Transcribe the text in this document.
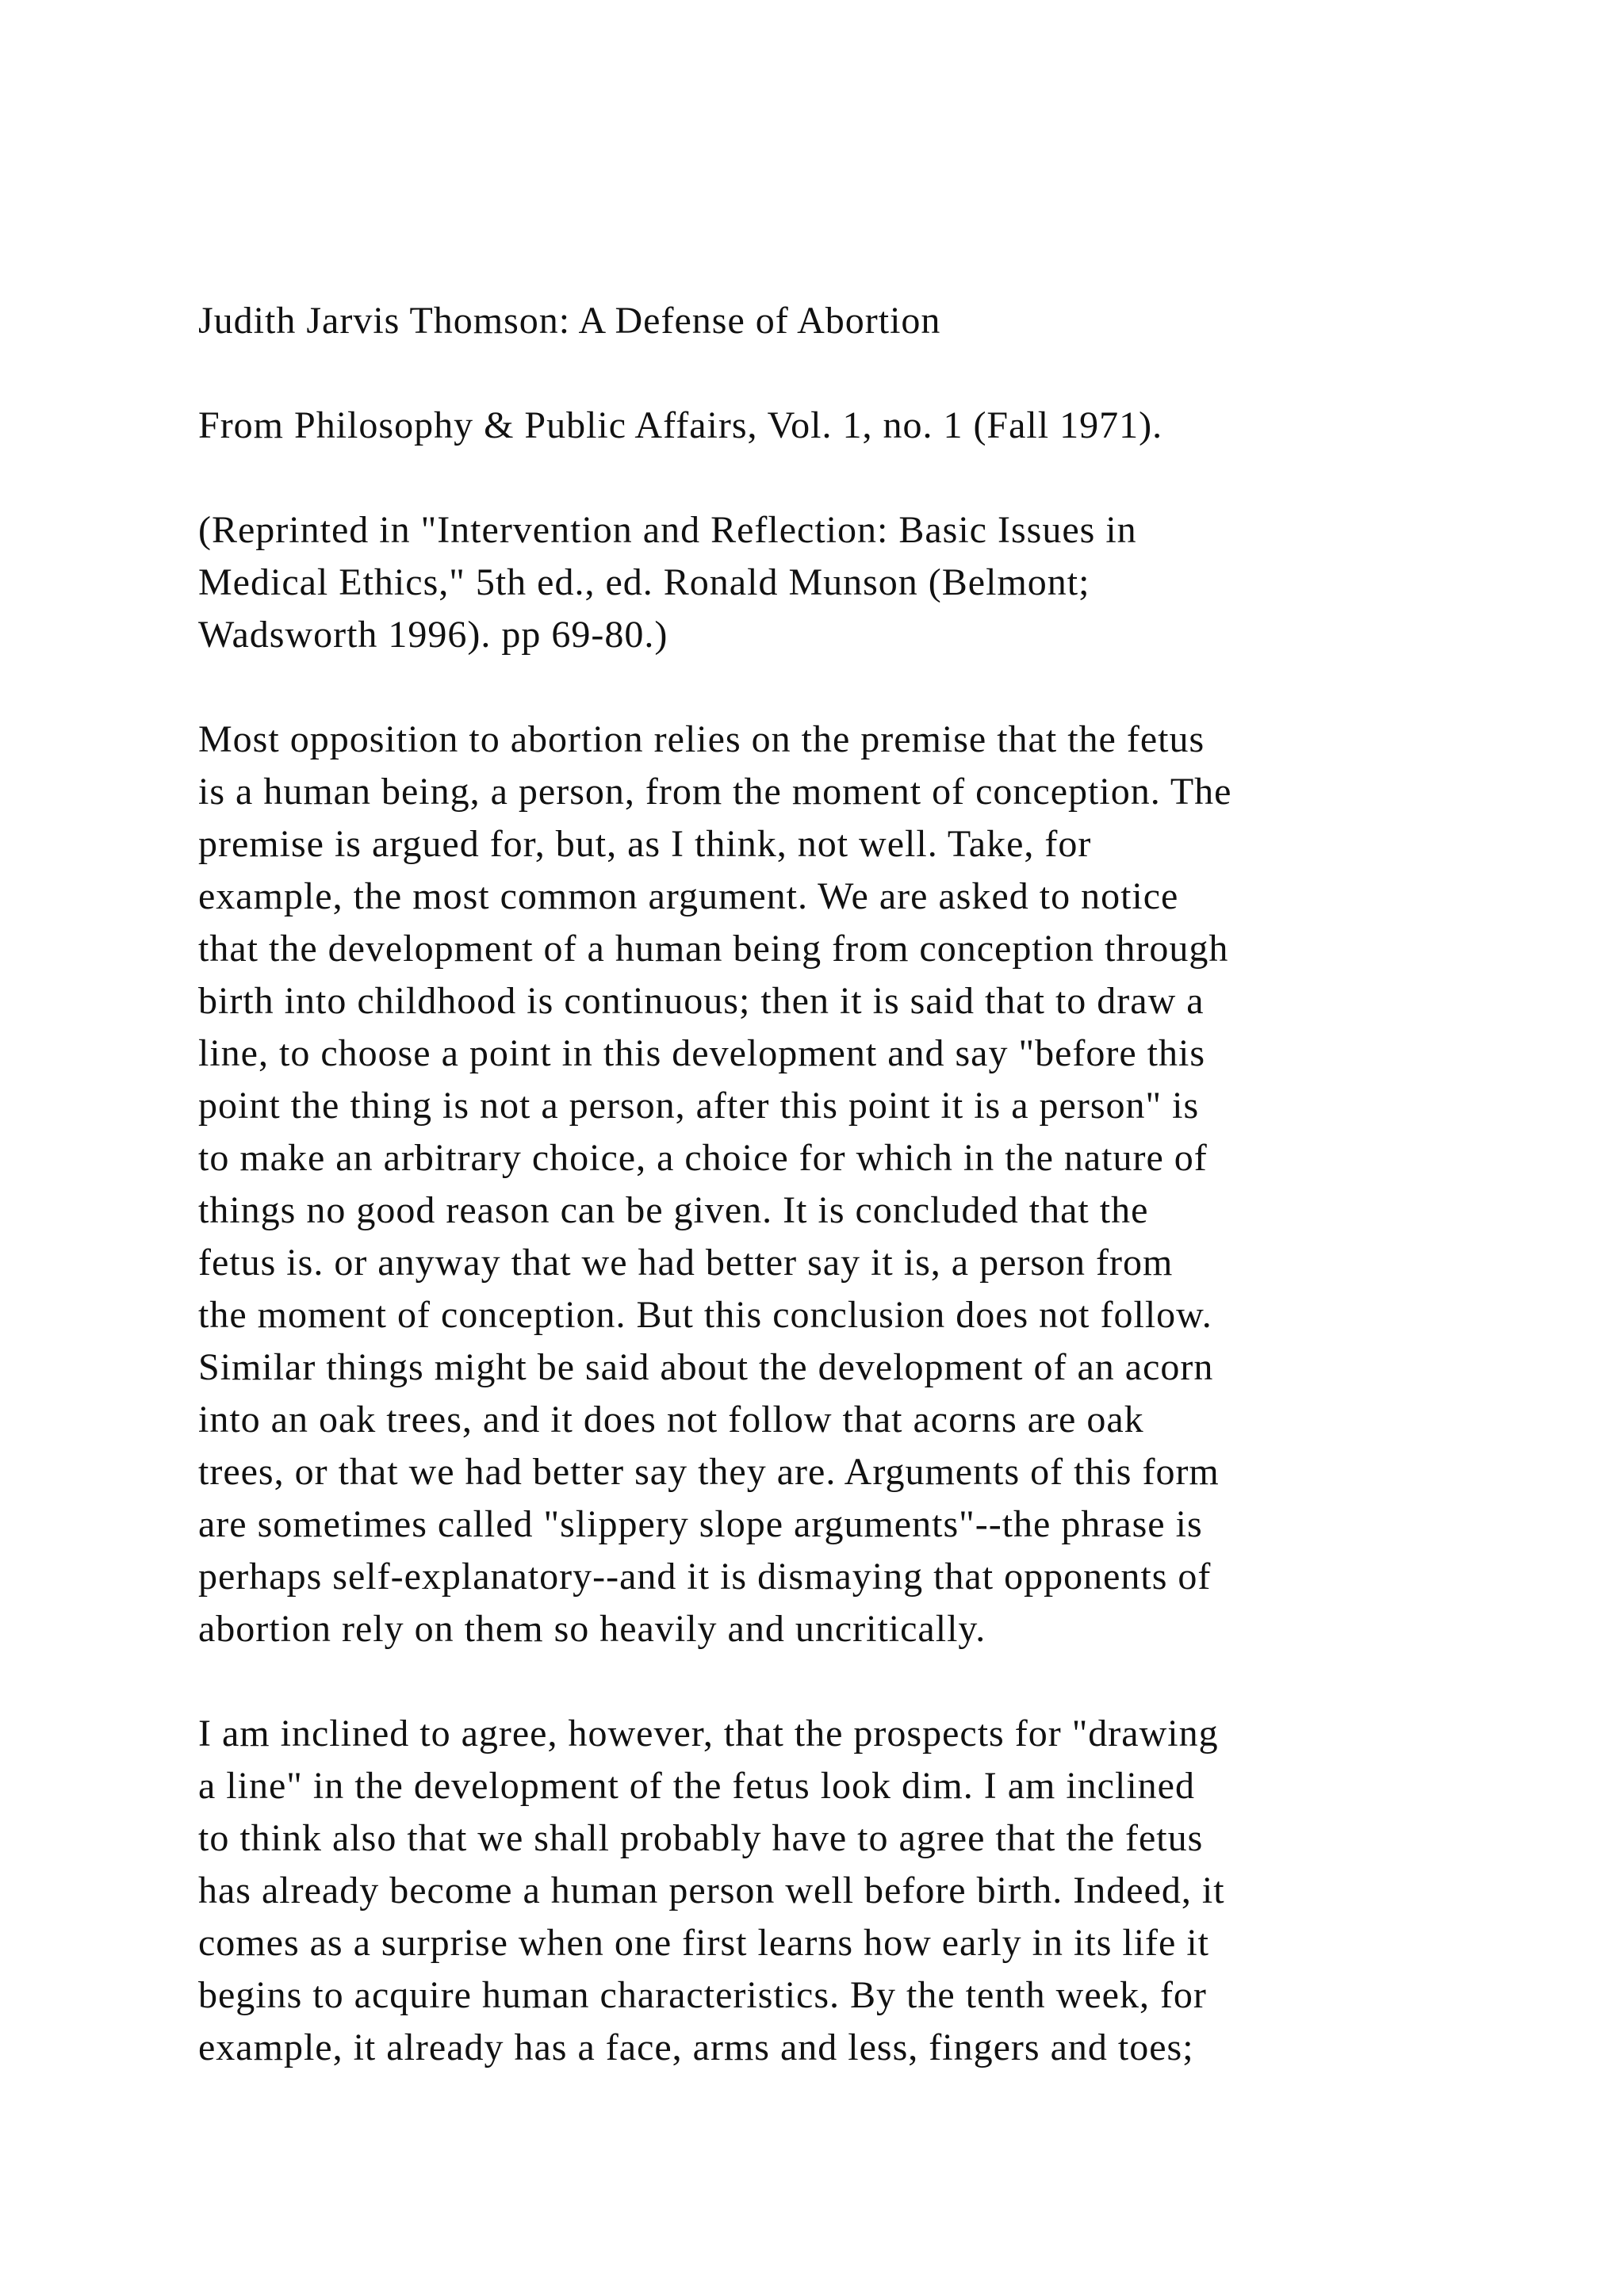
Judith Jarvis Thomson: A Defense of Abortion
From Philosophy & Public Affairs, Vol. 1, no. 1 (Fall 1971).
(Reprinted in "Intervention and Reflection: Basic Issues in
Medical Ethics," 5th ed., ed. Ronald Munson (Belmont;
Wadsworth 1996). pp 69-80.)
Most opposition to abortion relies on the premise that the fetus
is a human being, a person, from the moment of conception. The
premise is argued for, but, as I think, not well. Take, for
example, the most common argument. We are asked to notice
that the development of a human being from conception through
birth into childhood is continuous; then it is said that to draw a
line, to choose a point in this development and say "before this
point the thing is not a person, after this point it is a person" is
to make an arbitrary choice, a choice for which in the nature of
things no good reason can be given. It is concluded that the
fetus is. or anyway that we had better say it is, a person from
the moment of conception. But this conclusion does not follow.
Similar things might be said about the development of an acorn
into an oak trees, and it does not follow that acorns are oak
trees, or that we had better say they are. Arguments of this form
are sometimes called "slippery slope arguments"--the phrase is
perhaps self-explanatory--and it is dismaying that opponents of
abortion rely on them so heavily and uncritically.
I am inclined to agree, however, that the prospects for "drawing
a line" in the development of the fetus look dim. I am inclined
to think also that we shall probably have to agree that the fetus
has already become a human person well before birth. Indeed, it
comes as a surprise when one first learns how early in its life it
begins to acquire human characteristics. By the tenth week, for
example, it already has a face, arms and less, fingers and toes;
